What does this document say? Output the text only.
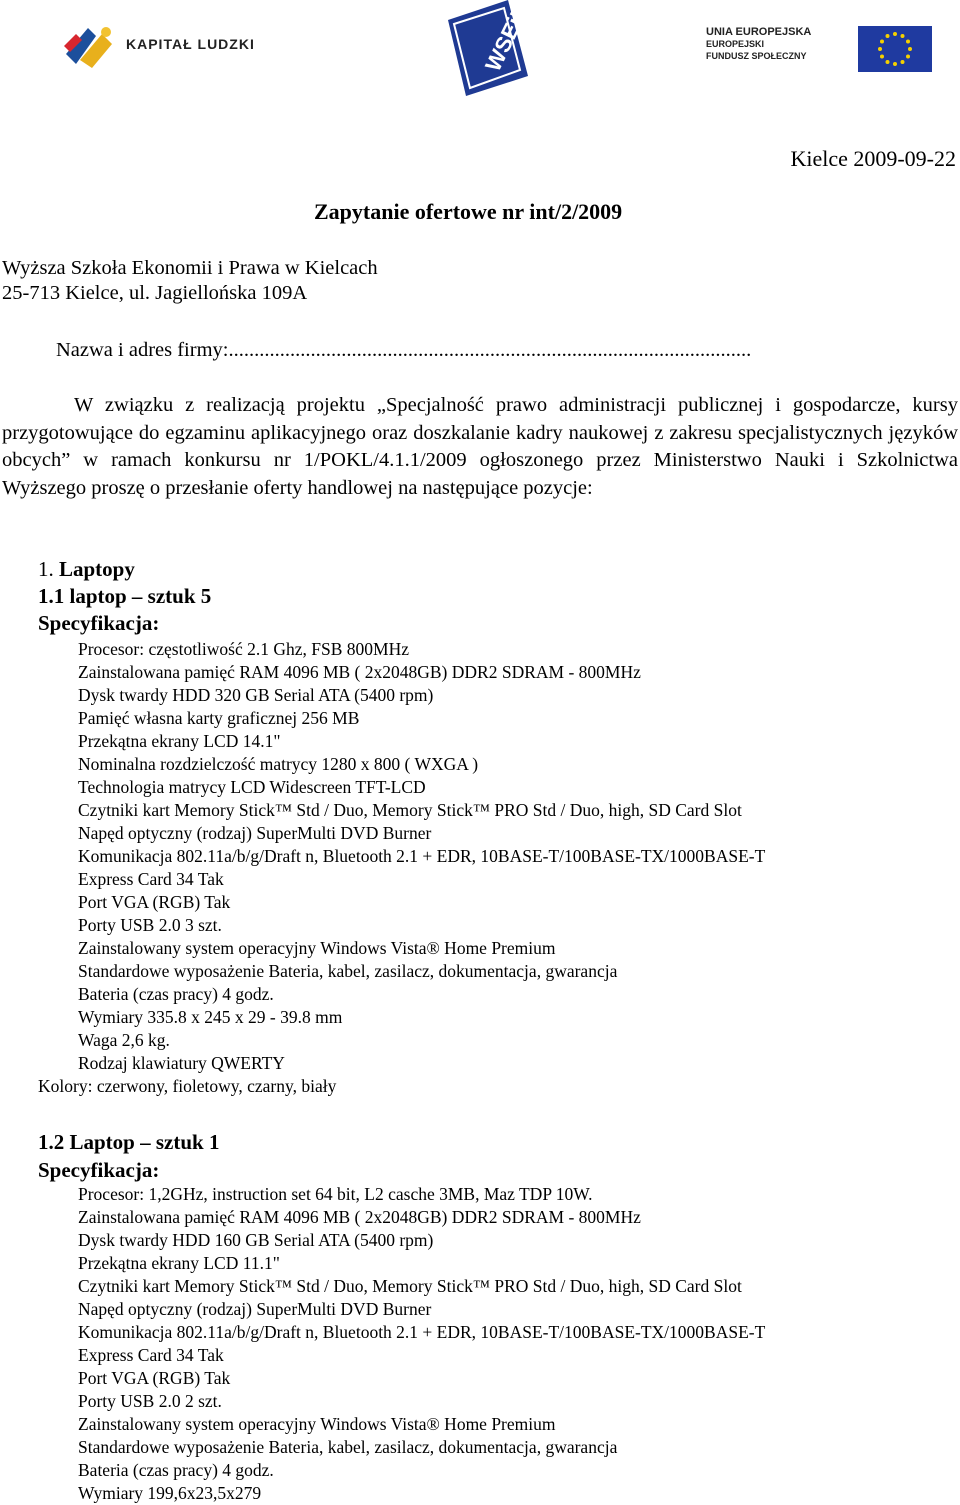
KAPITAŁ LUDZKI	WSEiP	UNIA EUROPEJSKA
EUROPEJSKI
FUNDUSZ SPOŁECZNY
Kielce 2009-09-22
Zapytanie ofertowe nr int/2/2009
Wyższa Szkoła Ekonomii i Prawa w Kielcach
25-713 Kielce, ul. Jagiellońska 109A
Nazwa i adres firmy:......................................................................................................

W związku z realizacją projektu „Specjalność prawo administracji publicznej i gospodarcze, kursy przygotowujące do egzaminu aplikacyjnego oraz doszkalanie kadry naukowej z zakresu specjalistycznych języków obcych” w ramach konkursu nr 1/POKL/4.1.1/2009 ogłoszonego przez Ministerstwo Nauki i Szkolnictwa Wyższego proszę o przesłanie oferty handlowej na następujące pozycje:

1. Laptopy
1.1 laptop – sztuk 5
Specyfikacja:
Procesor: częstotliwość 2.1 Ghz, FSB 800MHz
Zainstalowana pamięć RAM 4096 MB ( 2x2048GB) DDR2 SDRAM - 800MHz
Dysk twardy HDD 320 GB Serial ATA (5400 rpm)
Pamięć własna karty graficznej 256 MB
Przekątna ekrany LCD 14.1"
Nominalna rozdzielczość matrycy 1280 x 800 ( WXGA )
Technologia matrycy LCD Widescreen TFT-LCD
Czytniki kart Memory Stick™ Std / Duo, Memory Stick™ PRO Std / Duo, high, SD Card Slot
Napęd optyczny (rodzaj) SuperMulti DVD Burner
Komunikacja 802.11a/b/g/Draft n, Bluetooth 2.1 + EDR, 10BASE-T/100BASE-TX/1000BASE-T
Express Card 34 Tak
Port VGA (RGB) Tak
Porty USB 2.0 3 szt.
Zainstalowany system operacyjny Windows Vista® Home Premium
Standardowe wyposażenie Bateria, kabel, zasilacz, dokumentacja, gwarancja
Bateria (czas pracy) 4 godz.
Wymiary 335.8 x 245 x 29 - 39.8 mm
Waga 2,6 kg.
Rodzaj klawiatury QWERTY
Kolory: czerwony, fioletowy, czarny, biały
1.2 Laptop – sztuk 1
Specyfikacja:
Procesor: 1,2GHz, instruction set 64 bit, L2 casche 3MB, Maz TDP 10W.
Zainstalowana pamięć RAM 4096 MB ( 2x2048GB) DDR2 SDRAM - 800MHz
Dysk twardy HDD 160 GB Serial ATA (5400 rpm)
Przekątna ekrany LCD 11.1"
Czytniki kart Memory Stick™ Std / Duo, Memory Stick™ PRO Std / Duo, high, SD Card Slot
Napęd optyczny (rodzaj) SuperMulti DVD Burner
Komunikacja 802.11a/b/g/Draft n, Bluetooth 2.1 + EDR, 10BASE-T/100BASE-TX/1000BASE-T
Express Card 34 Tak
Port VGA (RGB) Tak
Porty USB 2.0 2 szt.
Zainstalowany system operacyjny Windows Vista® Home Premium
Standardowe wyposażenie Bateria, kabel, zasilacz, dokumentacja, gwarancja
Bateria (czas pracy) 4 godz.
Wymiary 199,6x23,5x279
